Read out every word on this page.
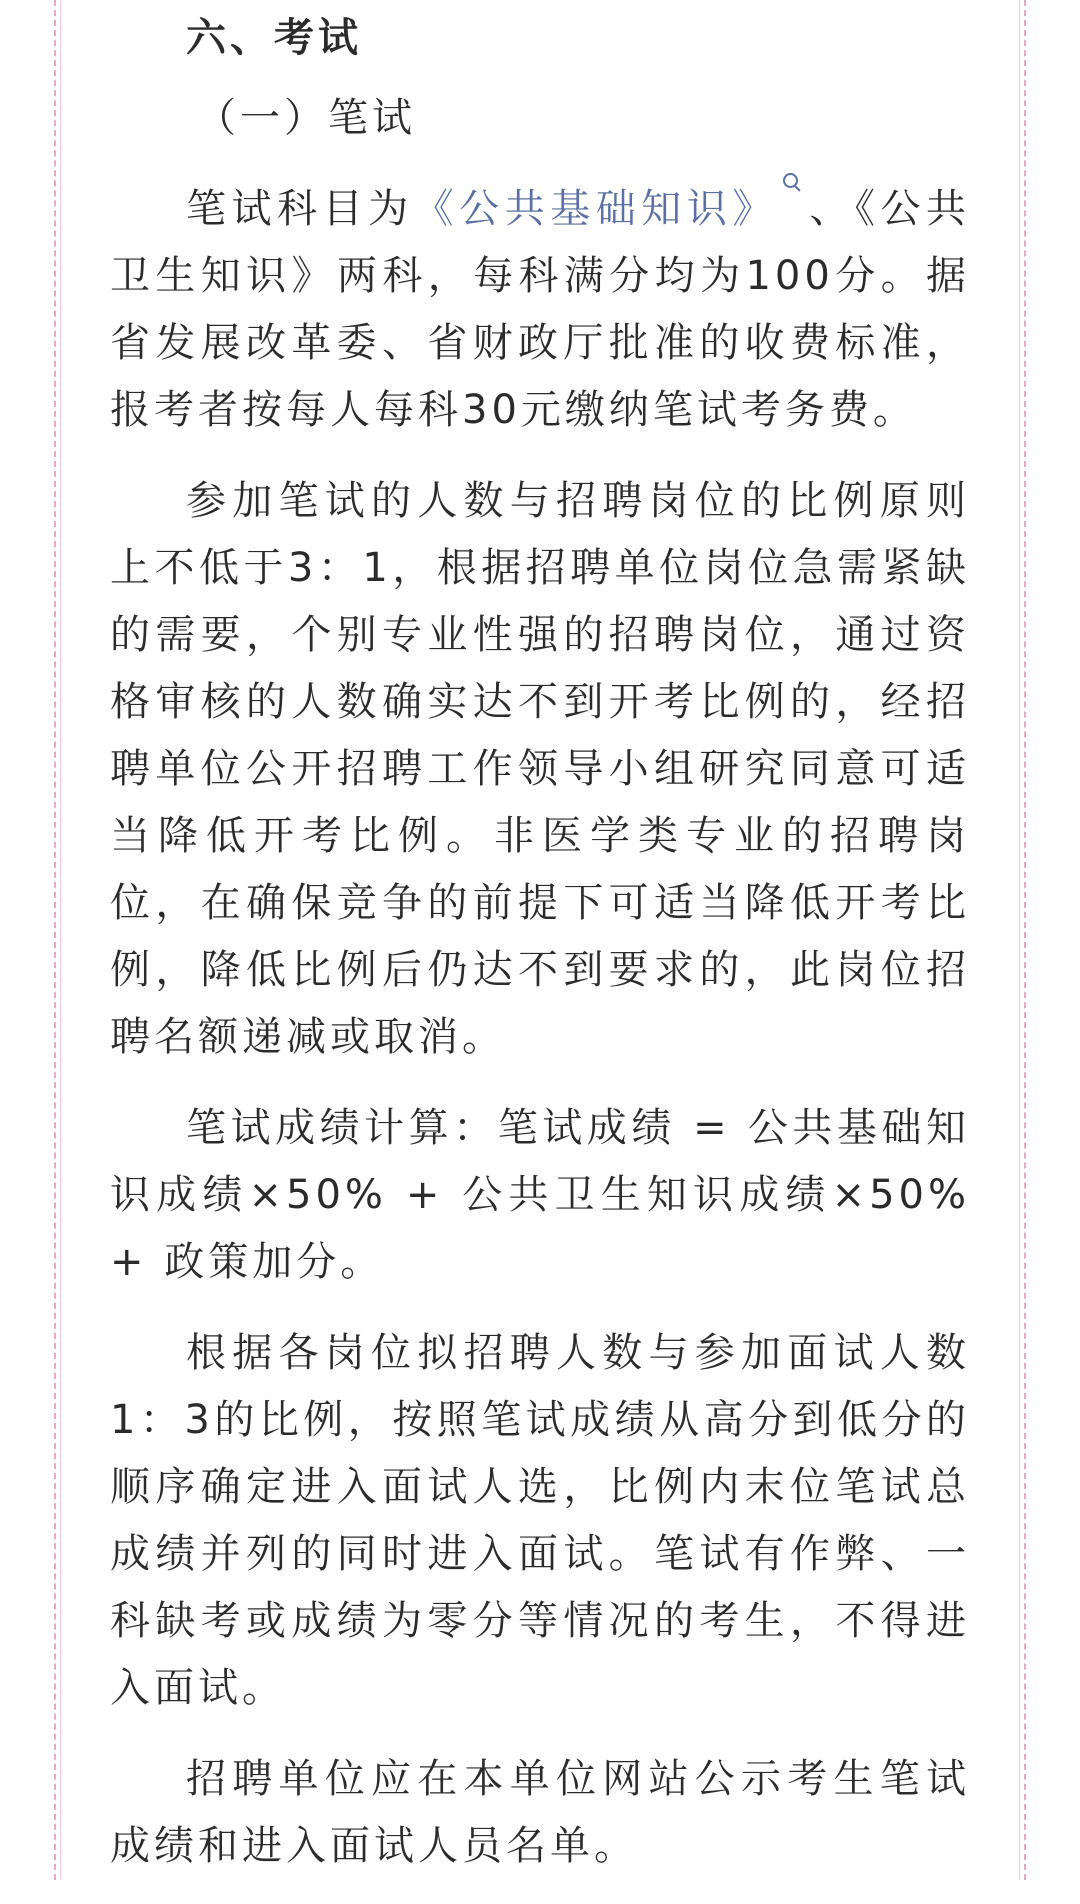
六、考试
（一）笔试

笔试科目为《公共基础知识》 、《公共卫生知识》两科，每科满分均为100分。据省发展改革委、省财政厅批准的收费标准，报考者按每人每科30元缴纳笔试考务费。

参加笔试的人数与招聘岗位的比例原则上不低于3：1，根据招聘单位岗位急需紧缺的需要，个别专业性强的招聘岗位，通过资格审核的人数确实达不到开考比例的，经招聘单位公开招聘工作领导小组研究同意可适当降低开考比例。非医学类专业的招聘岗位，在确保竞争的前提下可适当降低开考比例，降低比例后仍达不到要求的，此岗位招聘名额递减或取消。

笔试成绩计算：笔试成绩 = 公共基础知识成绩×50% + 公共卫生知识成绩×50% + 政策加分。

根据各岗位拟招聘人数与参加面试人数1：3的比例，按照笔试成绩从高分到低分的顺序确定进入面试人选，比例内末位笔试总成绩并列的同时进入面试。笔试有作弊、一科缺考或成绩为零分等情况的考生，不得进入面试。

招聘单位应在本单位网站公示考生笔试成绩和进入面试人员名单。
